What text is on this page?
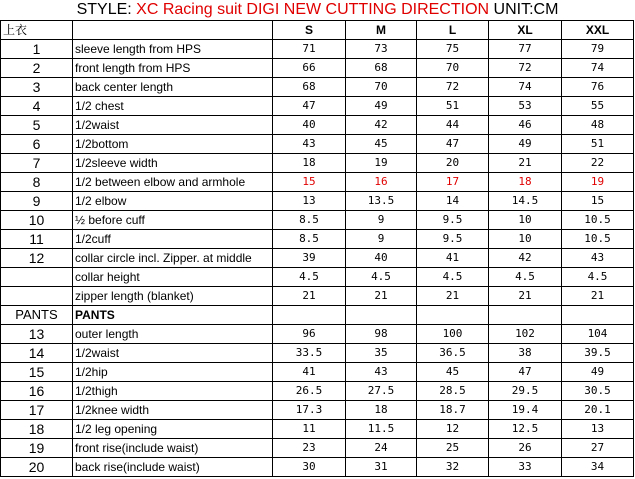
STYLE: XC Racing suit DIGI NEW CUTTING DIRECTION UNIT:CM
上衣		S	M	L	XL	XXL
1	sleeve length from HPS	71	73	75	77	79
2	front length from HPS	66	68	70	72	74
3	back center length	68	70	72	74	76
4	1/2 chest	47	49	51	53	55
5	1/2waist	40	42	44	46	48
6	1/2bottom	43	45	47	49	51
7	1/2sleeve width	18	19	20	21	22
8	1/2 between elbow and armhole	15	16	17	18	19
9	1/2 elbow	13	13.5	14	14.5	15
10	½ before cuff	8.5	9	9.5	10	10.5
11	1/2cuff	8.5	9	9.5	10	10.5
12	collar circle incl. Zipper. at middle	39	40	41	42	43
	collar height	4.5	4.5	4.5	4.5	4.5
	zipper length (blanket)	21	21	21	21	21
PANTS	PANTS					
13	outer length	96	98	100	102	104
14	1/2waist	33.5	35	36.5	38	39.5
15	1/2hip	41	43	45	47	49
16	1/2thigh	26.5	27.5	28.5	29.5	30.5
17	1/2knee width	17.3	18	18.7	19.4	20.1
18	1/2 leg opening	11	11.5	12	12.5	13
19	front rise(include waist)	23	24	25	26	27
20	back rise(include waist)	30	31	32	33	34
